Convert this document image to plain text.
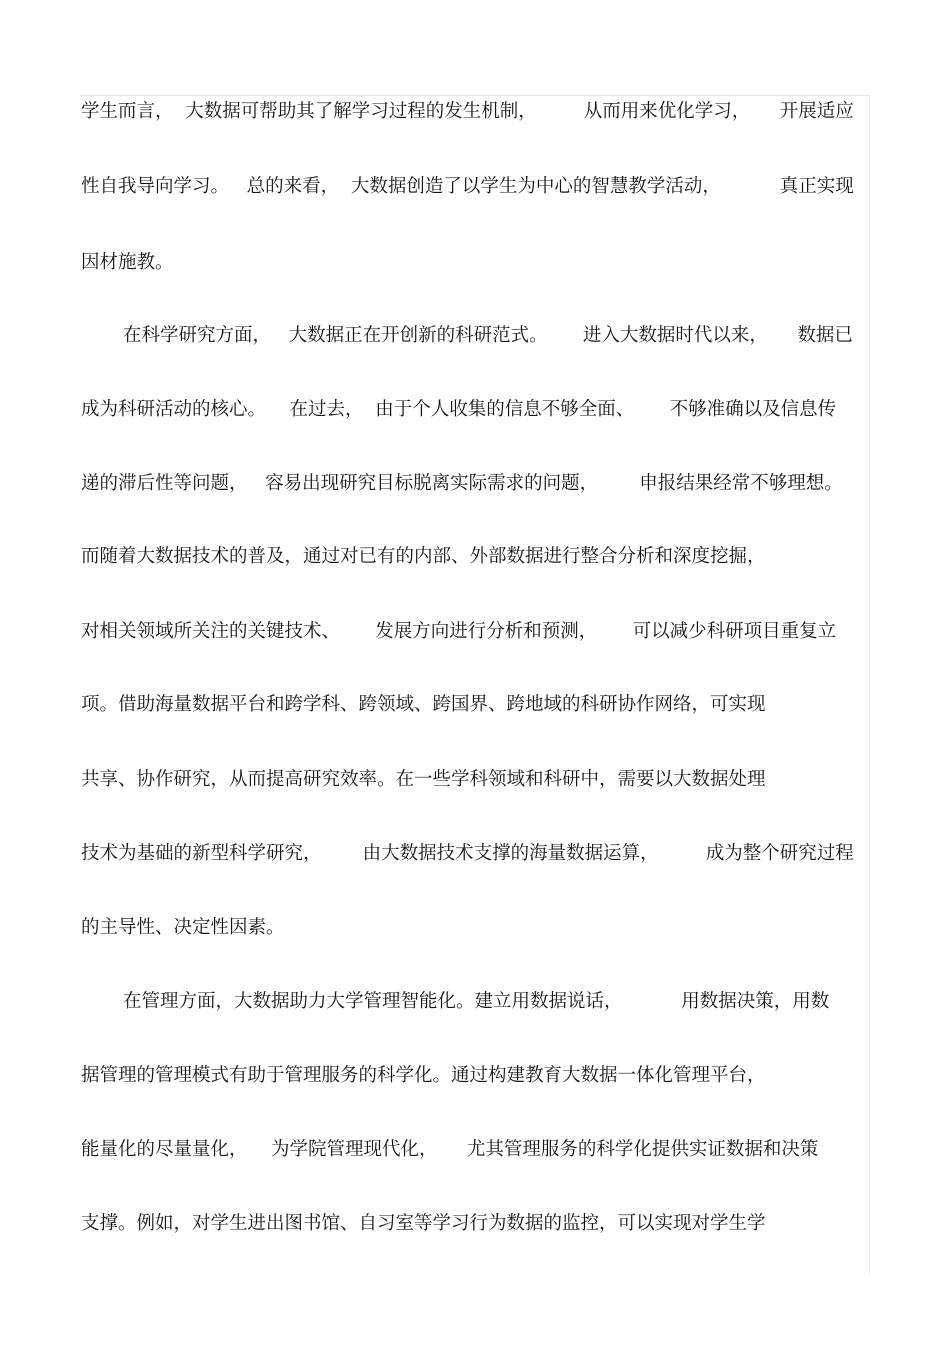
学生而言，  大数据可帮助其了解学习过程的发生机制，        从而用来优化学习，     开展适应
性自我导向学习。   总的来看，  大数据创造了以学生为中心的智慧教学活动，          真正实现
因材施教。
在科学研究方面，   大数据正在开创新的科研范式。      进入大数据时代以来，     数据已
成为科研活动的核心。    在过去，  由于个人收集的信息不够全面、      不够准确以及信息传
递的滞后性等问题，   容易出现研究目标脱离实际需求的问题，       申报结果经常不够理想。
而随着大数据技术的普及，通过对已有的内部、外部数据进行整合分析和深度挖掘，
对相关领域所关注的关键技术、      发展方向进行分析和预测，      可以减少科研项目重复立
项。借助海量数据平台和跨学科、跨领域、跨国界、跨地域的科研协作网络，可实现
共享、协作研究，从而提高研究效率。在一些学科领域和科研中，需要以大数据处理
技术为基础的新型科学研究，       由大数据技术支撑的海量数据运算，        成为整个研究过程
的主导性、决定性因素。
在管理方面，大数据助力大学管理智能化。建立用数据说话，          用数据决策，用数
据管理的管理模式有助于管理服务的科学化。通过构建教育大数据一体化管理平台，
能量化的尽量量化，    为学院管理现代化，     尤其管理服务的科学化提供实证数据和决策
支撑。例如，对学生进出图书馆、自习室等学习行为数据的监控，可以实现对学生学
